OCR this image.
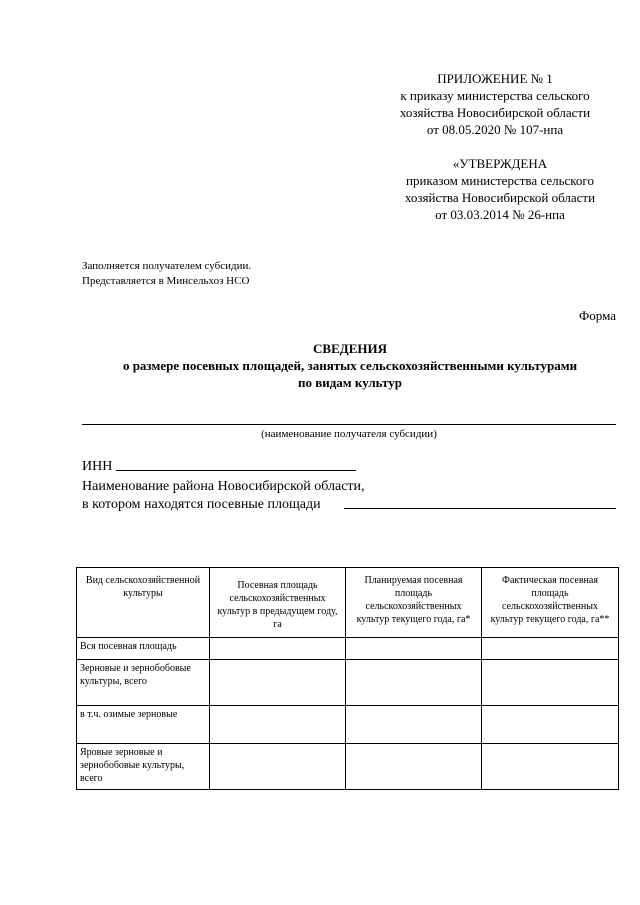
ПРИЛОЖЕНИЕ № 1
к приказу министерства сельского
хозяйства Новосибирской области
от 08.05.2020 № 107-нпа
«УТВЕРЖДЕНА
приказом министерства сельского
хозяйства Новосибирской области
от 03.03.2014 № 26-нпа
Заполняется получателем субсидии.
Представляется в Минсельхоз НСО
Форма
СВЕДЕНИЯ
о размере посевных площадей, занятых сельскохозяйственными культурами
по видам культур
(наименование получателя субсидии)
ИНН
Наименование района Новосибирской области,
в котором находятся посевные площади
Вид сельскохозяйственной культуры	Посевная площадь сельскохозяйственных культур в предыдущем году, га	Планируемая посевная площадь сельскохозяйственных культур текущего года, га*	Фактическая посевная площадь сельскохозяйственных культур текущего года, га**
Вся посевная площадь			
Зерновые и зернобобовые культуры, всего			
в т.ч. озимые зерновые			
Яровые зерновые и зернобобовые культуры, всего			
